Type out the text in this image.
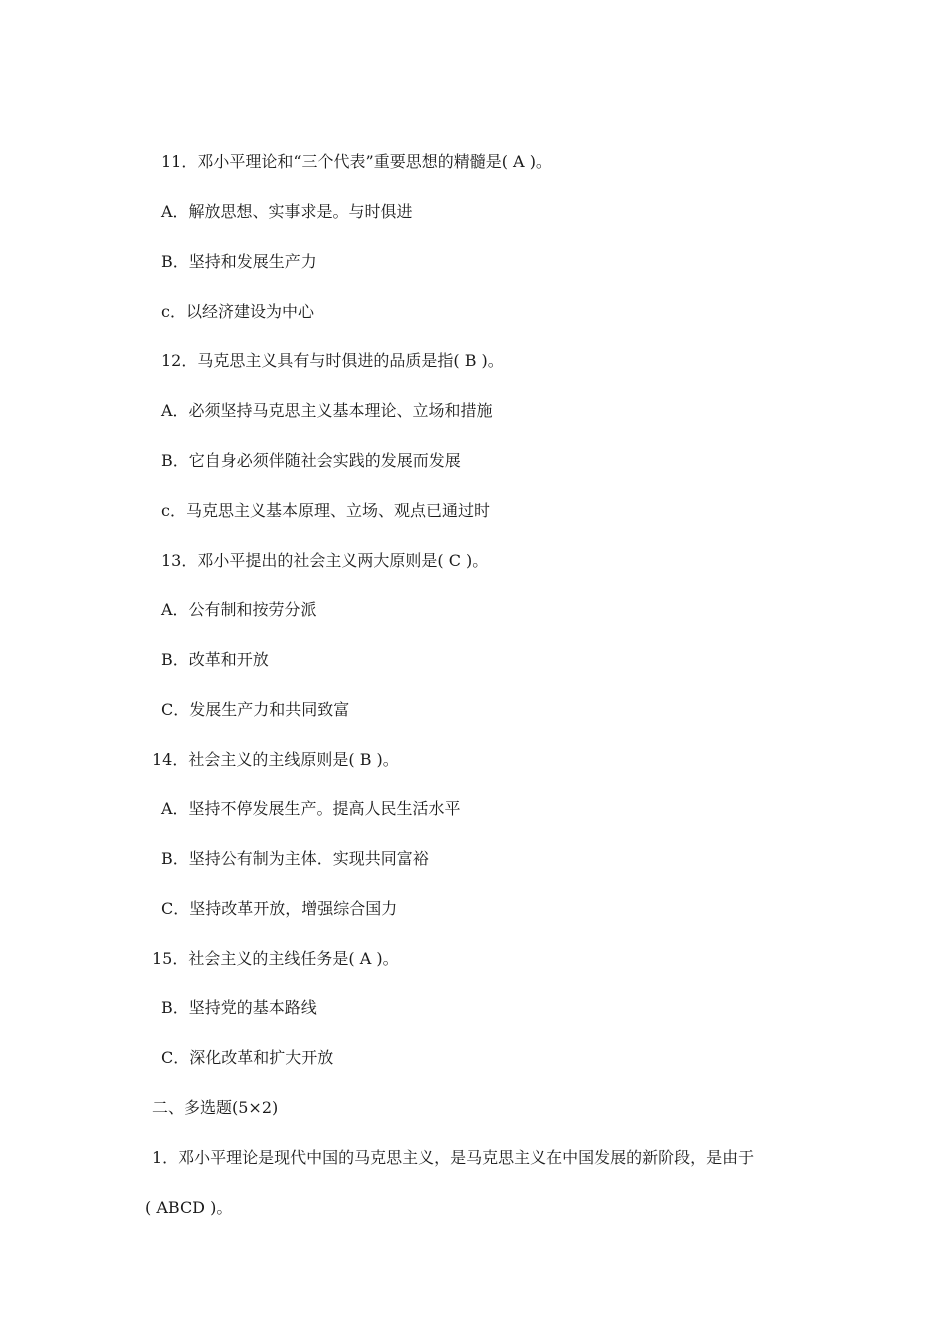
11．邓小平理论和“三个代表”重要思想的精髓是( A )。
A．解放思想、实事求是。与时俱进
B．坚持和发展生产力
c．以经济建设为中心
12．马克思主义具有与时俱进的品质是指( B )。
A．必须坚持马克思主义基本理论、立场和措施
B．它自身必须伴随社会实践的发展而发展
c．马克思主义基本原理、立场、观点已通过时
13．邓小平提出的社会主义两大原则是( C )。
A．公有制和按劳分派
B．改革和开放
C．发展生产力和共同致富
14．社会主义的主线原则是( B )。
A．坚持不停发展生产。提高人民生活水平
B．坚持公有制为主体．实现共同富裕
C．坚持改革开放，增强综合国力
15．社会主义的主线任务是( A )。
B．坚持党的基本路线
C．深化改革和扩大开放
二、多选题(5×2)
1．邓小平理论是现代中国的马克思主义，是马克思主义在中国发展的新阶段，是由于
( ABCD )。
